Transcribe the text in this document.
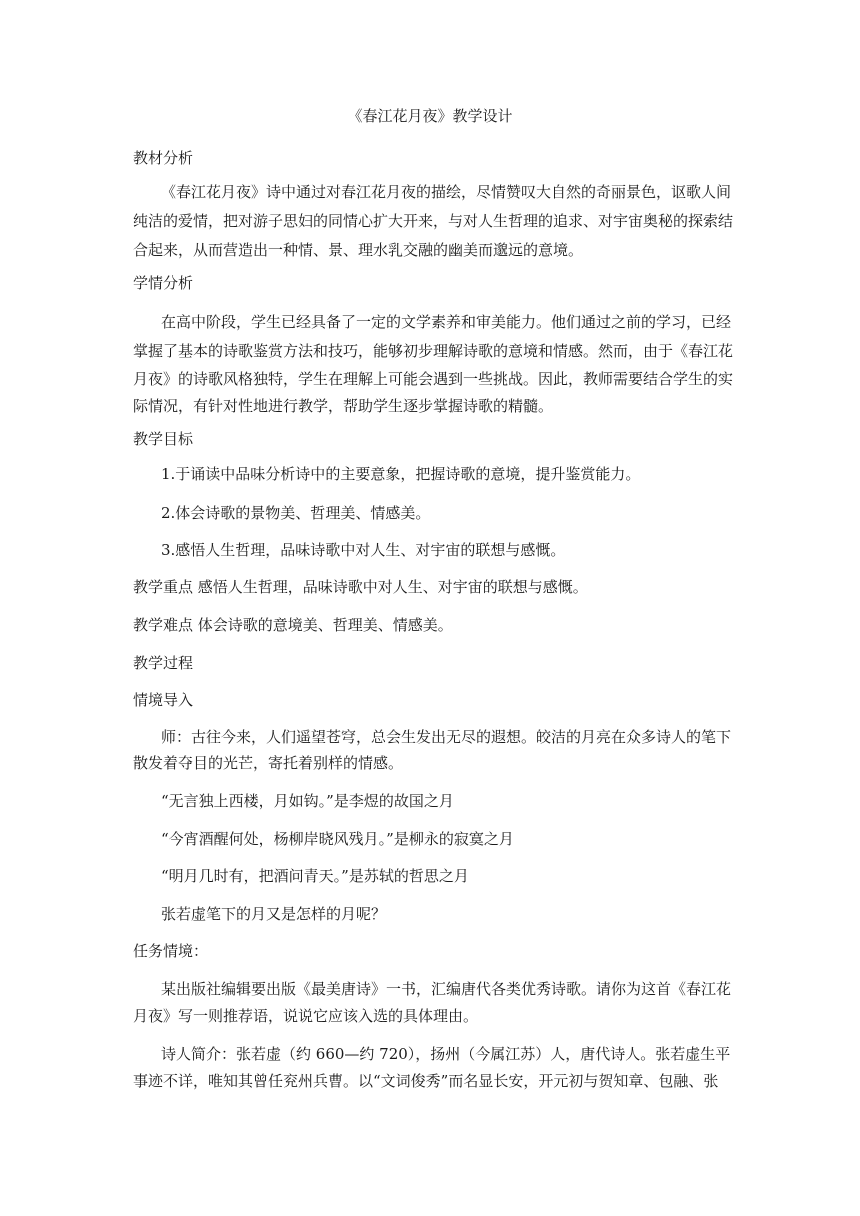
《春江花月夜》教学设计
教材分析
《春江花月夜》诗中通过对春江花月夜的描绘，尽情赞叹大自然的奇丽景色，讴歌人间
纯洁的爱情，把对游子思妇的同情心扩大开来，与对人生哲理的追求、对宇宙奥秘的探索结
合起来，从而营造出一种情、景、理水乳交融的幽美而邈远的意境。
学情分析
在高中阶段，学生已经具备了一定的文学素养和审美能力。他们通过之前的学习，已经
掌握了基本的诗歌鉴赏方法和技巧，能够初步理解诗歌的意境和情感。然而，由于《春江花
月夜》的诗歌风格独特，学生在理解上可能会遇到一些挑战。因此，教师需要结合学生的实
际情况，有针对性地进行教学，帮助学生逐步掌握诗歌的精髓。
教学目标
1.于诵读中品味分析诗中的主要意象，把握诗歌的意境，提升鉴赏能力。
2.体会诗歌的景物美、哲理美、情感美。
3.感悟人生哲理，品味诗歌中对人生、对宇宙的联想与感慨。
教学重点 感悟人生哲理，品味诗歌中对人生、对宇宙的联想与感慨。
教学难点 体会诗歌的意境美、哲理美、情感美。
教学过程
情境导入
师：古往今来，人们遥望苍穹，总会生发出无尽的遐想。皎洁的月亮在众多诗人的笔下
散发着夺目的光芒，寄托着别样的情感。
“无言独上西楼，月如钩。”是李煜的故国之月
“今宵酒醒何处，杨柳岸晓风残月。”是柳永的寂寞之月
“明月几时有，把酒问青天。”是苏轼的哲思之月
张若虚笔下的月又是怎样的月呢？
任务情境：
某出版社编辑要出版《最美唐诗》一书，汇编唐代各类优秀诗歌。请你为这首《春江花
月夜》写一则推荐语，说说它应该入选的具体理由。
诗人简介：张若虚（约 660—约 720），扬州（今属江苏）人，唐代诗人。张若虚生平
事迹不详，唯知其曾任兖州兵曹。以“文词俊秀”而名显长安，开元初与贺知章、包融、张
